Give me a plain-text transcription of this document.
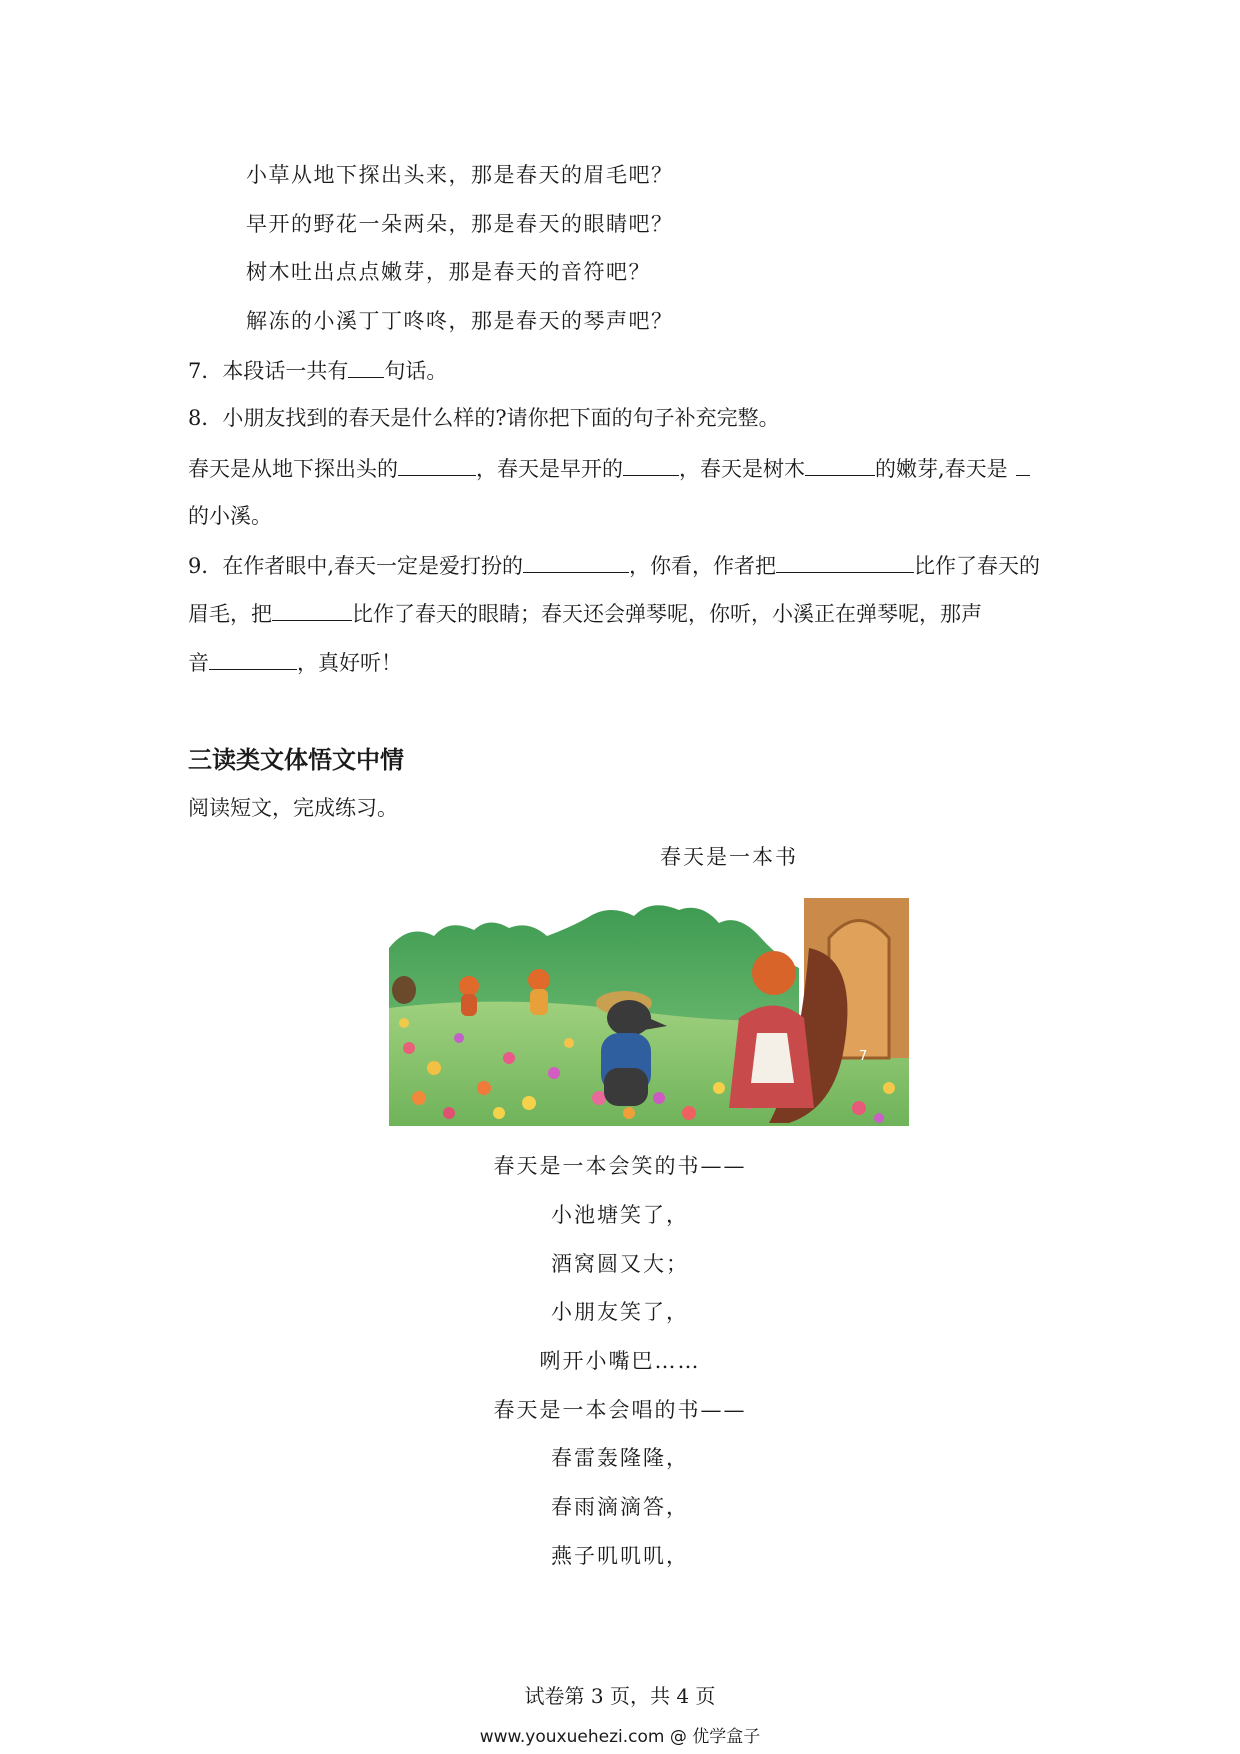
小草从地下探出头来，那是春天的眉毛吧？
早开的野花一朵两朵，那是春天的眼睛吧？
树木吐出点点嫩芽，那是春天的音符吧？
解冻的小溪丁丁咚咚，那是春天的琴声吧？
7．本段话一共有 句话。
8．小朋友找到的春天是什么样的?请你把下面的句子补充完整。
春天是从地下探出头的	，春天是早开的	，春天是树木	的嫩芽,春天是
的小溪。
9．在作者眼中,春天一定是爱打扮的	，你看，作者把	比作了春天的
眉毛，把	比作了春天的眼睛；春天还会弹琴呢，你听，小溪正在弹琴呢，那声
音	，真好听！
三读类文体悟文中情
阅读短文，完成练习。
春天是一本书
7
春天是一本会笑的书——
小池塘笑了，
酒窝圆又大；
小朋友笑了，
咧开小嘴巴……
春天是一本会唱的书——
春雷轰隆隆，
春雨滴滴答，
燕子叽叽叽，
试卷第 3 页，共 4 页
www.youxuehezi.com @ 优学盒子
